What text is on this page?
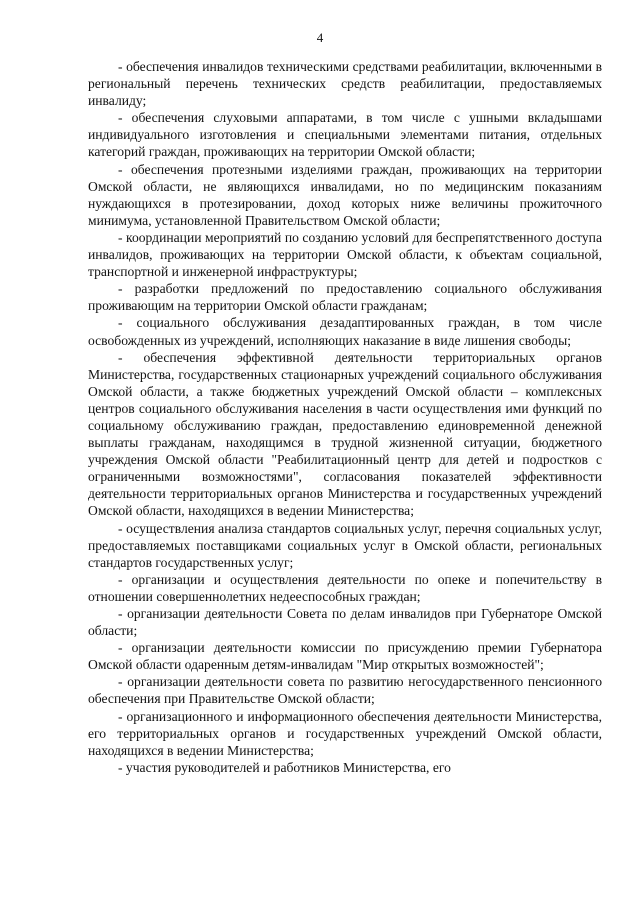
4

- обеспечения инвалидов техническими средствами реабилитации, включенными в региональный перечень технических средств реабилитации, предоставляемых инвалиду;

- обеспечения слуховыми аппаратами, в том числе с ушными вкладышами индивидуального изготовления и специальными элементами питания, отдельных категорий граждан, проживающих на территории Омской области;

- обеспечения протезными изделиями граждан, проживающих на территории Омской области, не являющихся инвалидами, но по медицинским показаниям нуждающихся в протезировании, доход которых ниже величины прожиточного минимума, установленной Правительством Омской области;

- координации мероприятий по созданию условий для беспрепятственного доступа инвалидов, проживающих на территории Омской области, к объектам социальной, транспортной и инженерной инфраструктуры;

- разработки предложений по предоставлению социального обслуживания проживающим на территории Омской области гражданам;

- социального обслуживания дезадаптированных граждан, в том числе освобожденных из учреждений, исполняющих наказание в виде лишения свободы;

- обеспечения эффективной деятельности территориальных органов Министерства, государственных стационарных учреждений социального обслуживания Омской области, а также бюджетных учреждений Омской области – комплексных центров социального обслуживания населения в части осуществления ими функций по социальному обслуживанию граждан, предоставлению единовременной денежной выплаты гражданам, находящимся в трудной жизненной ситуации, бюджетного учреждения Омской области "Реабилитационный центр для детей и подростков с ограниченными возможностями", согласования показателей эффективности деятельности территориальных органов Министерства и государственных учреждений Омской области, находящихся в ведении Министерства;

- осуществления анализа стандартов социальных услуг, перечня социальных услуг, предоставляемых поставщиками социальных услуг в Омской области, региональных стандартов государственных услуг;

- организации и осуществления деятельности по опеке и попечительству в отношении совершеннолетних недееспособных граждан;

- организации деятельности Совета по делам инвалидов при Губернаторе Омской области;

- организации деятельности комиссии по присуждению премии Губернатора Омской области одаренным детям-инвалидам "Мир открытых возможностей";

- организации деятельности совета по развитию негосударственного пенсионного обеспечения при Правительстве Омской области;

- организационного и информационного обеспечения деятельности Министерства, его территориальных органов и государственных учреждений Омской области, находящихся в ведении Министерства;

- участия руководителей и работников Министерства, его
